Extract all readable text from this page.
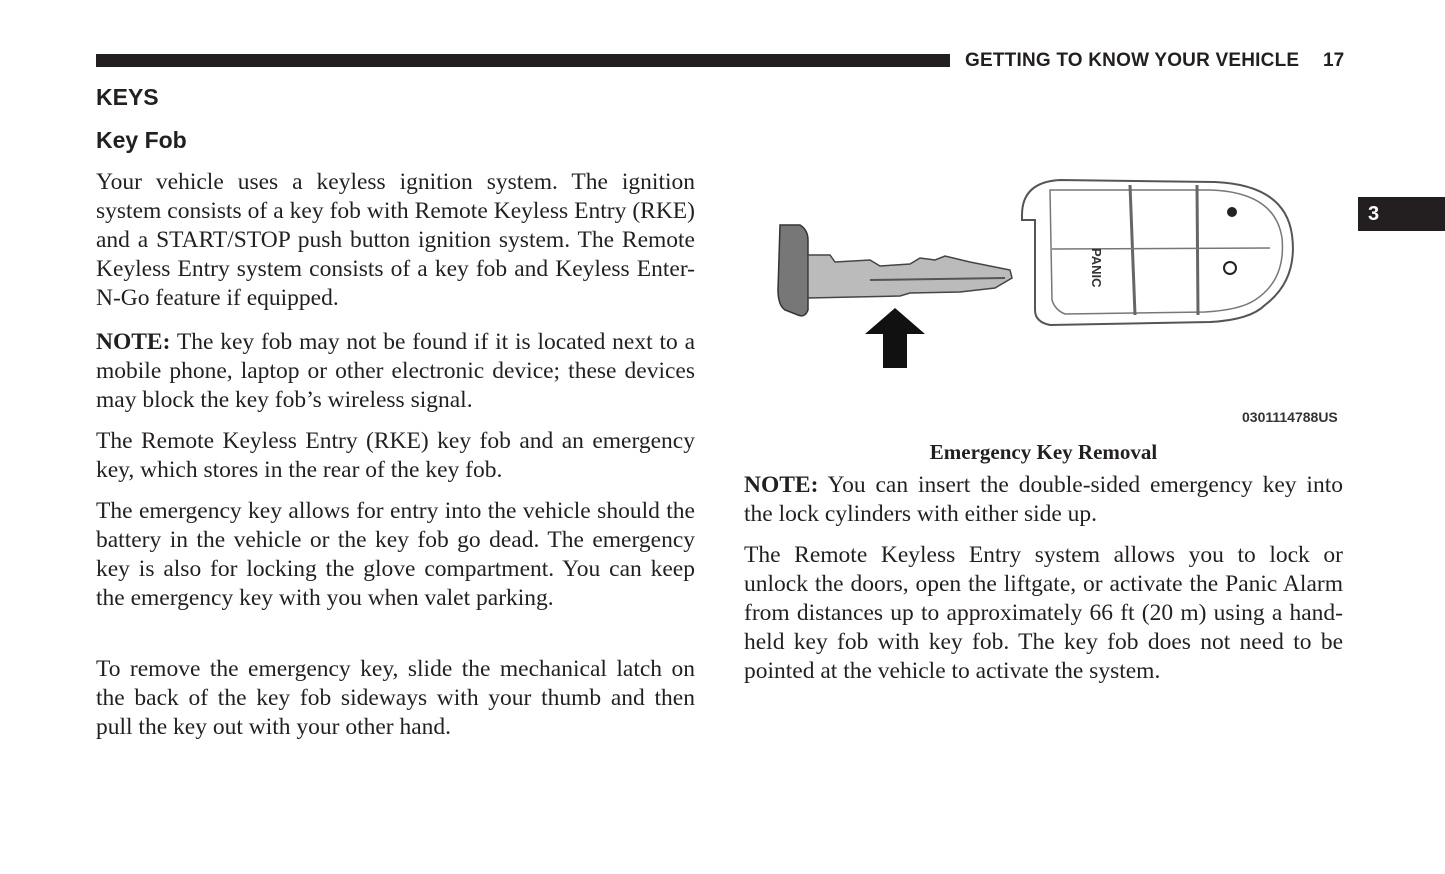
GETTING TO KNOW YOUR VEHICLE 17
3
KEYS
Key Fob

Your vehicle uses a keyless ignition system. The ignition system consists of a key fob with Remote Keyless Entry (RKE) and a START/STOP push button ignition system. The Remote Keyless Entry system consists of a key fob and Keyless Enter-N-Go feature if equipped.

NOTE: The key fob may not be found if it is located next to a mobile phone, laptop or other electronic device; these devices may block the key fob’s wireless signal.

The Remote Keyless Entry (RKE) key fob and an emergency key, which stores in the rear of the key fob.

The emergency key allows for entry into the vehicle should the battery in the vehicle or the key fob go dead. The emergency key is also for locking the glove compartment. You can keep the emergency key with you when valet parking.

To remove the emergency key, slide the mechanical latch on the back of the key fob sideways with your thumb and then pull the key out with your other hand.

PANIC
0301114788US
Emergency Key Removal

NOTE: You can insert the double-sided emergency key into the lock cylinders with either side up.

The Remote Keyless Entry system allows you to lock or unlock the doors, open the liftgate, or activate the Panic Alarm from distances up to approximately 66 ft (20 m) using a hand-held key fob with key fob. The key fob does not need to be pointed at the vehicle to activate the system.
